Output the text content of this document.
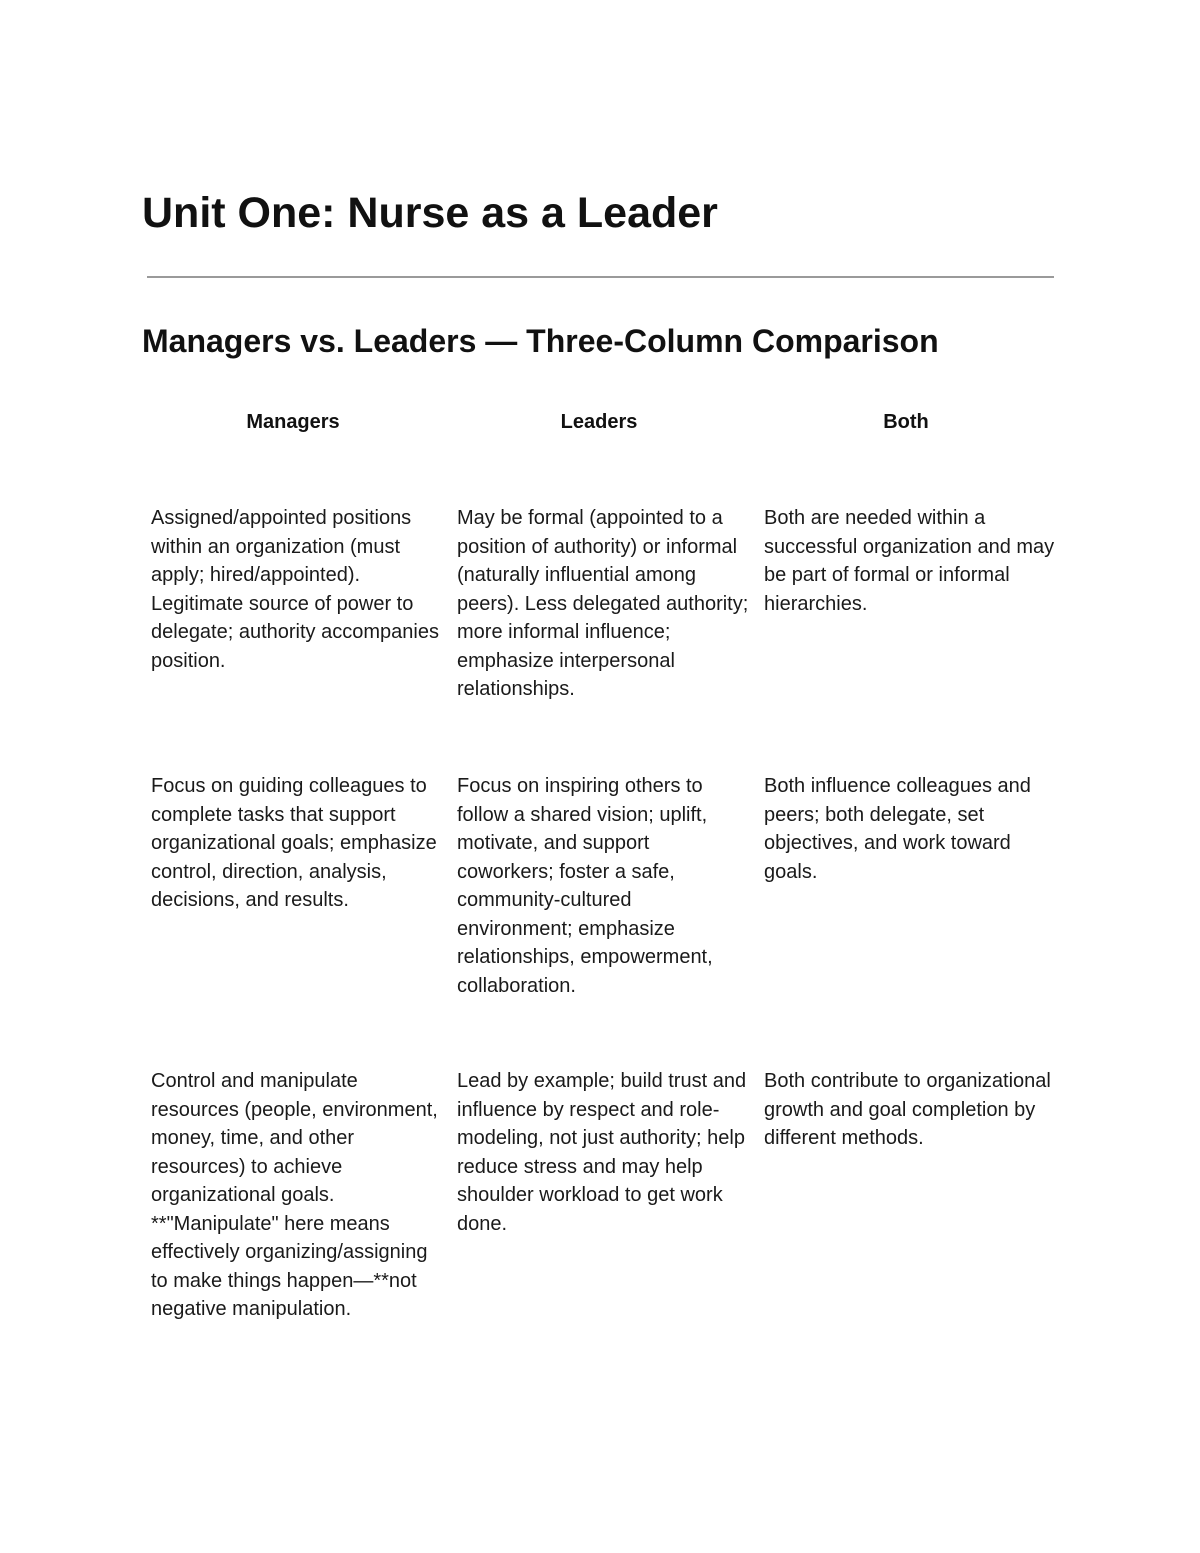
Unit One: Nurse as a Leader
Managers vs. Leaders — Three-Column Comparison
Managers	Leaders	Both
Assigned/appointed positions within an organization (must apply; hired/appointed). Legitimate source of power to delegate; authority accompanies position.
May be formal (appointed to a position of authority) or informal (naturally influential among peers). Less delegated authority; more informal influence; emphasize interpersonal relationships.
Both are needed within a successful organization and may be part of formal or informal hierarchies.
Focus on guiding colleagues to complete tasks that support organizational goals; emphasize control, direction, analysis, decisions, and results.
Focus on inspiring others to follow a shared vision; uplift, motivate, and support coworkers; foster a safe, community-cultured environment; emphasize relationships, empowerment, collaboration.
Both influence colleagues and peers; both delegate, set objectives, and work toward goals.
Control and manipulate resources (people, environment, money, time, and other resources) to achieve organizational goals. **"Manipulate" here means effectively organizing/assigning to make things happen—**not negative manipulation.
Lead by example; build trust and influence by respect and role-modeling, not just authority; help reduce stress and may help shoulder workload to get work done.
Both contribute to organizational growth and goal completion by different methods.
